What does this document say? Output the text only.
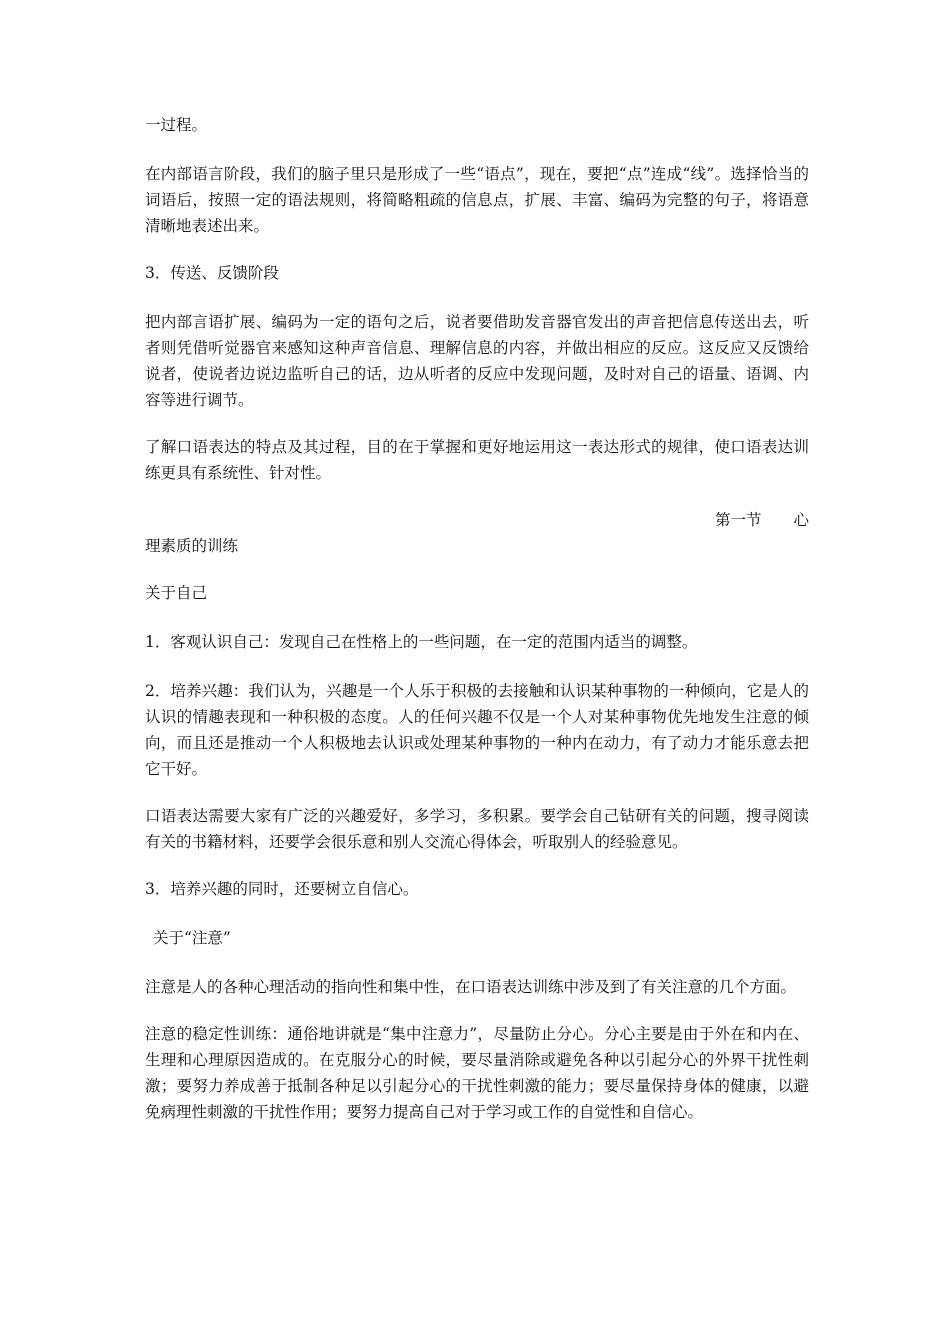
一过程。

在内部语言阶段，我们的脑子里只是形成了一些“语点”，现在，要把“点”连成“线”。选择恰当的词语后，按照一定的语法规则，将简略粗疏的信息点，扩展、丰富、编码为完整的句子，将语意清晰地表述出来。

3．传送、反馈阶段

把内部言语扩展、编码为一定的语句之后，说者要借助发音器官发出的声音把信息传送出去，听者则凭借听觉器官来感知这种声音信息、理解信息的内容，并做出相应的反应。这反应又反馈给说者，使说者边说边监听自己的话，边从听者的反应中发现问题，及时对自己的语量、语调、内容等进行调节。

了解口语表达的特点及其过程，目的在于掌握和更好地运用这一表达形式的规律，使口语表达训练更具有系统性、针对性。

第一节 心

理素质的训练

关于自己

1．客观认识自己：发现自己在性格上的一些问题，在一定的范围内适当的调整。

2．培养兴趣：我们认为，兴趣是一个人乐于积极的去接触和认识某种事物的一种倾向，它是人的认识的情趣表现和一种积极的态度。人的任何兴趣不仅是一个人对某种事物优先地发生注意的倾向，而且还是推动一个人积极地去认识或处理某种事物的一种内在动力，有了动力才能乐意去把它干好。

口语表达需要大家有广泛的兴趣爱好，多学习，多积累。要学会自己钻研有关的问题，搜寻阅读有关的书籍材料，还要学会很乐意和别人交流心得体会，听取别人的经验意见。

3．培养兴趣的同时，还要树立自信心。

关于“注意”

注意是人的各种心理活动的指向性和集中性，在口语表达训练中涉及到了有关注意的几个方面。

注意的稳定性训练：通俗地讲就是“集中注意力”，尽量防止分心。分心主要是由于外在和内在、生理和心理原因造成的。在克服分心的时候，要尽量消除或避免各种以引起分心的外界干扰性刺激；要努力养成善于抵制各种足以引起分心的干扰性刺激的能力；要尽量保持身体的健康，以避免病理性刺激的干扰性作用；要努力提高自己对于学习或工作的自觉性和自信心。
